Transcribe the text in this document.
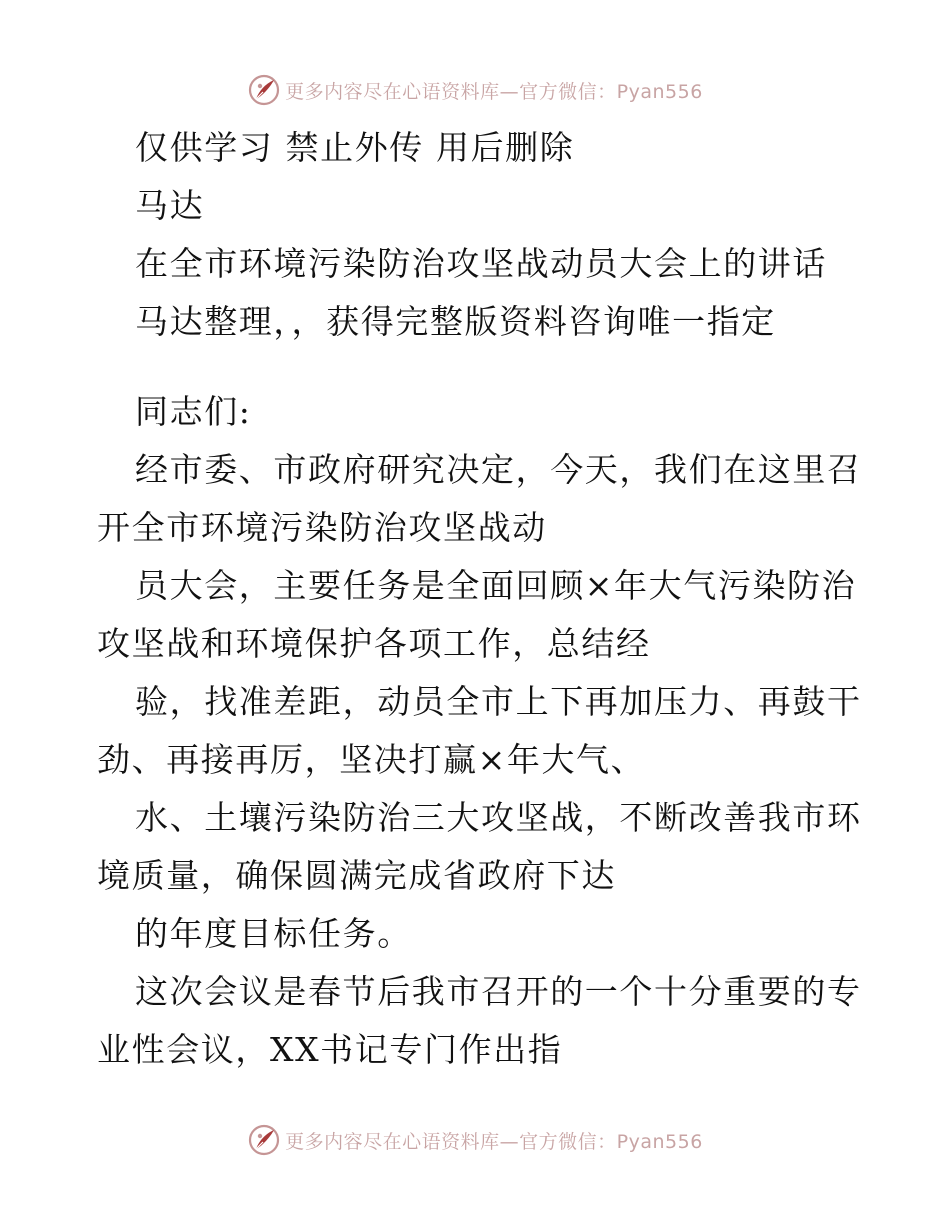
更多内容尽在心语资料库—官方微信：Pyan556
仅供学习 禁止外传 用后删除
马达
在全市环境污染防治攻坚战动员大会上的讲话
马达整理，，获得完整版资料咨询唯一指定
同志们:
经市委、市政府研究决定，今天，我们在这里召
开全市环境污染防治攻坚战动
员大会，主要任务是全面回顾×年大气污染防治
攻坚战和环境保护各项工作，总结经
验，找准差距，动员全市上下再加压力、再鼓干
劲、再接再厉，坚决打赢×年大气、
水、土壤污染防治三大攻坚战，不断改善我市环
境质量，确保圆满完成省政府下达
的年度目标任务。
这次会议是春节后我市召开的一个十分重要的专
业性会议，XX书记专门作出指
更多内容尽在心语资料库—官方微信：Pyan556
